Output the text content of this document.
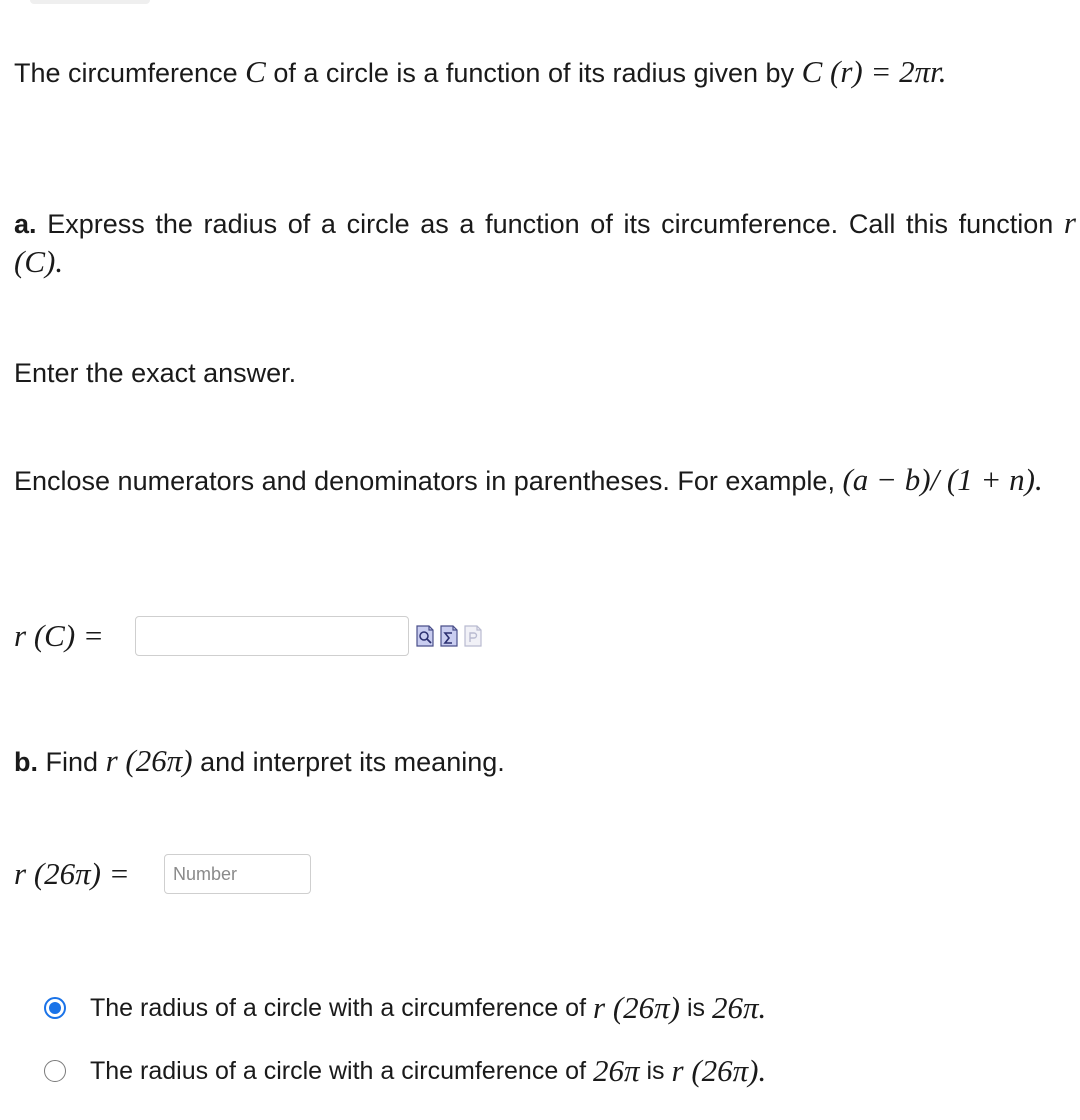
The circumference C of a circle is a function of its radius given by C (r) = 2πr.
a. Express the radius of a circle as a function of its circumference. Call this function r (C).
Enter the exact answer.
Enclose numerators and denominators in parentheses. For example, (a − b)/ (1 + n).
r (C) =
b. Find r (26π) and interpret its meaning.
r (26π) =
Number
The radius of a circle with a circumference of
r (26π)
is
26π.
The radius of a circle with a circumference of
26π
is
r (26π).
